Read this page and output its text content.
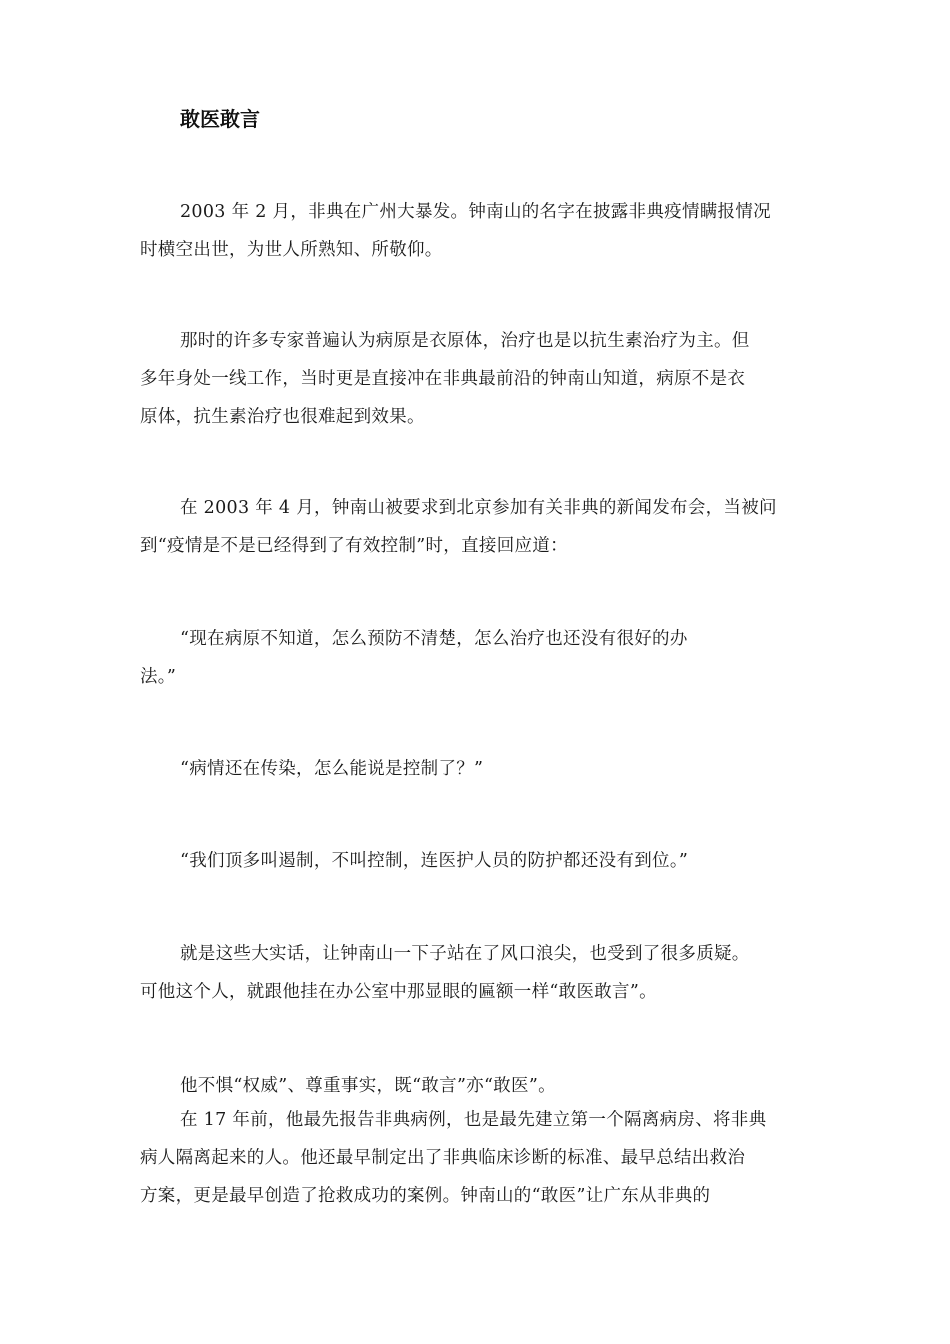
敢医敢言
2003 年 2 月，非典在广州大暴发。钟南山的名字在披露非典疫情瞒报情况
时横空出世，为世人所熟知、所敬仰。
那时的许多专家普遍认为病原是衣原体，治疗也是以抗生素治疗为主。但
多年身处一线工作，当时更是直接冲在非典最前沿的钟南山知道，病原不是衣
原体，抗生素治疗也很难起到效果。
在 2003 年 4 月，钟南山被要求到北京参加有关非典的新闻发布会，当被问
到“疫情是不是已经得到了有效控制”时，直接回应道：
“现在病原不知道，怎么预防不清楚，怎么治疗也还没有很好的办
法。”
“病情还在传染，怎么能说是控制了？”
“我们顶多叫遏制，不叫控制，连医护人员的防护都还没有到位。”
就是这些大实话，让钟南山一下子站在了风口浪尖，也受到了很多质疑。
可他这个人，就跟他挂在办公室中那显眼的匾额一样“敢医敢言”。
他不惧“权威”、尊重事实，既“敢言”亦“敢医”。
在 17 年前，他最先报告非典病例，也是最先建立第一个隔离病房、将非典
病人隔离起来的人。他还最早制定出了非典临床诊断的标准、最早总结出救治
方案，更是最早创造了抢救成功的案例。钟南山的“敢医”让广东从非典的
